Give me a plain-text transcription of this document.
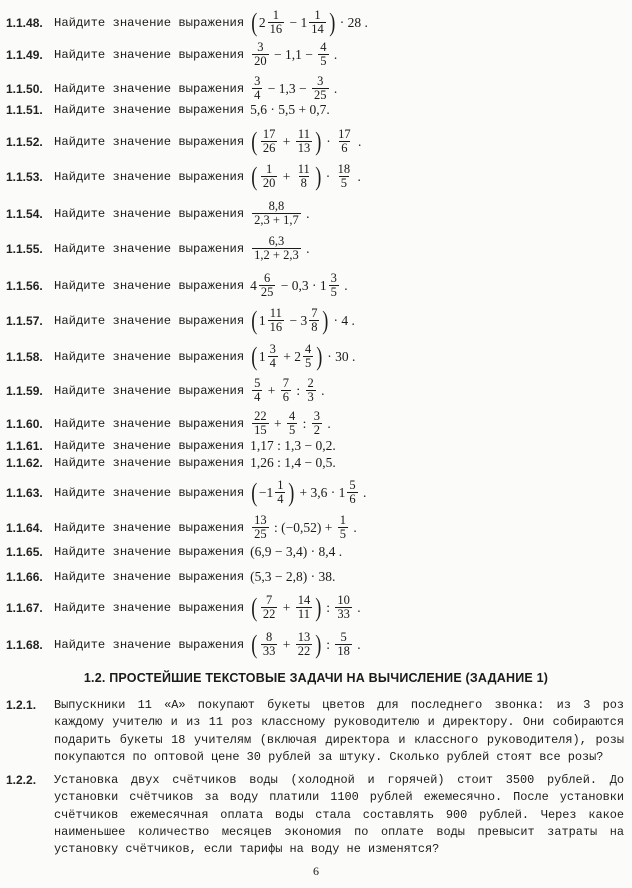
1.1.48. Найдите значение выражения ( $2 \frac{1}{16} - 1 \frac{1}{14}$ ) · 28 .
1.1.49. Найдите значение выражения $\frac{3}{20} - 1,1 - \frac{4}{5}$ .
1.1.50. Найдите значение выражения $\frac{3}{4} - 1,3 - \frac{3}{25}$ .
1.1.51. Найдите значение выражения 5,6 · 5,5 + 0,7.
1.1.52. Найдите значение выражения ( $\frac{17}{26} + \frac{11}{13}$ ) · $\frac{17}{6}$ .
1.1.53. Найдите значение выражения ( $\frac{1}{20} + \frac{11}{8}$ ) · $\frac{18}{5}$ .
1.1.54. Найдите значение выражения $\frac{8,8}{2,3 + 1,7}$ .
1.1.55. Найдите значение выражения $\frac{6,3}{1,2 + 2,3}$ .
1.1.56. Найдите значение выражения $4 \frac{6}{25} - 0,3 \cdot 1 \frac{3}{5}$ .
1.1.57. Найдите значение выражения ( $1 \frac{11}{16} - 3 \frac{7}{8}$ ) · 4 .
1.1.58. Найдите значение выражения ( $1 \frac{3}{4} + 2 \frac{4}{5}$ ) · 30 .
1.1.59. Найдите значение выражения $\frac{5}{4} + \frac{7}{6}$ : $\frac{2}{3}$ .
1.1.60. Найдите значение выражения $\frac{22}{15} + \frac{4}{5}$ : $\frac{3}{2}$ .
1.1.61. Найдите значение выражения 1,17 : 1,3 − 0,2.
1.1.62. Найдите значение выражения 1,26 : 1,4 − 0,5.
1.1.63. Найдите значение выражения ( − $1 \frac{1}{4}$ ) + $3,6 \cdot 1 \frac{5}{6}$ .
1.1.64. Найдите значение выражения $\frac{13}{25}$ : $(-0,52) + \frac{1}{5}$ .
1.1.65. Найдите значение выражения (6,9 − 3,4) · 8,4 .
1.1.66. Найдите значение выражения (5,3 − 2,8) · 38.
1.1.67. Найдите значение выражения ( $\frac{7}{22} + \frac{14}{11}$ ) : $\frac{10}{33}$ .
1.1.68. Найдите значение выражения ( $\frac{8}{33} + \frac{13}{22}$ ) : $\frac{5}{18}$ .
1.2. ПРОСТЕЙШИЕ ТЕКСТОВЫЕ ЗАДАЧИ НА ВЫЧИСЛЕНИЕ (ЗАДАНИЕ 1)
1.2.1.	Выпускники 11 «А» покупают букеты цветов для последнего звонка: из 3 роз каждому учителю и из 11 роз классному руководителю и директору. Они собираются подарить букеты 18 учителям (включая директора и классного руководителя), розы покупаются по оптовой цене 30 рублей за штуку. Сколько рублей стоят все розы?
1.2.2.	Установка двух счётчиков воды (холодной и горячей) стоит 3500 рублей. До установки счётчиков за воду платили 1100 рублей ежемесячно. После установки счётчиков ежемесячная оплата воды стала составлять 900 рублей. Через какое наименьшее количество месяцев экономия по оплате воды превысит затраты на установку счётчиков, если тарифы на воду не изменятся?
6
